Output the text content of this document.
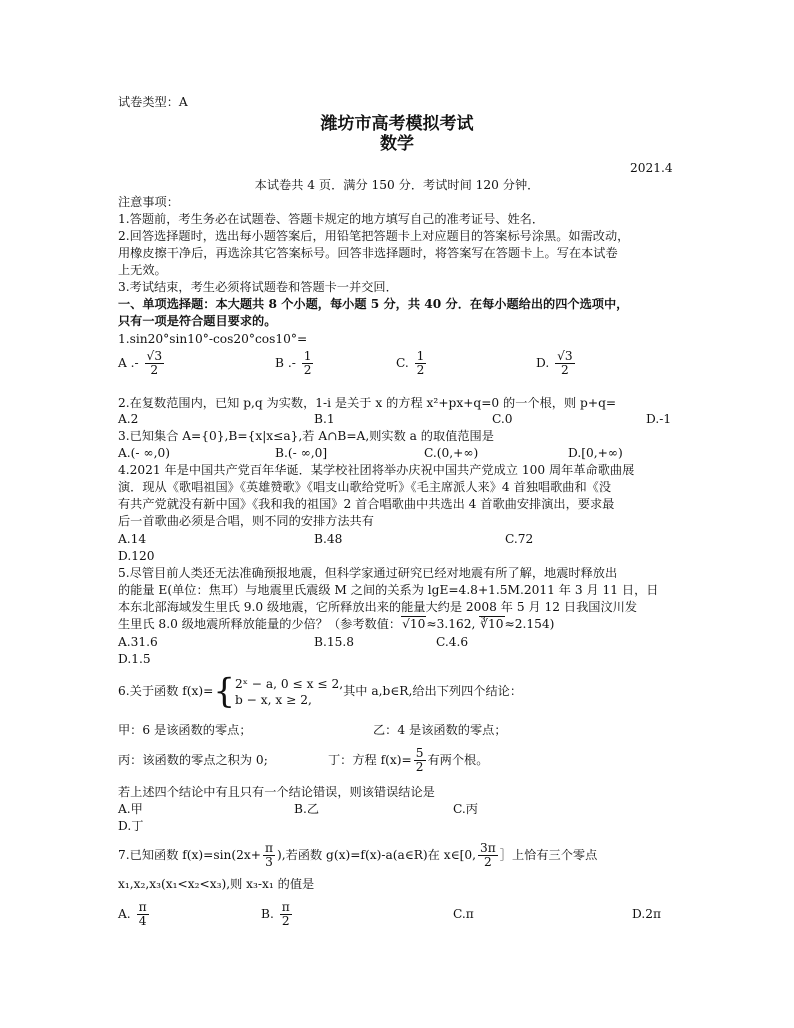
试卷类型：A
潍坊市高考模拟考试
数学
2021.4
本试卷共 4 页．满分 150 分．考试时间 120 分钟．
注意事项：
1.答题前，考生务必在试题卷、答题卡规定的地方填写自己的准考证号、姓名．
2.回答选择题时，选出每小题答案后，用铅笔把答题卡上对应题目的答案标号涂黑。如需改动，
用橡皮擦干净后，再选涂其它答案标号。回答非选择题时，将答案写在答题卡上。写在本试卷
上无效。
3.考试结束，考生必须将试题卷和答题卡一并交回．
一、单项选择题：本大题共 8 个小题，每小题 5 分，共 40 分．在每小题给出的四个选项中，
只有一项是符合题目要求的。
1.sin20°sin10°-cos20°cos10°=
A .- $\frac{√3}{2}$	B .- $\frac{1}{2}$	C. $\frac{1}{2}$	D. $\frac{√3}{2}$
2.在复数范围内，已知 p,q 为实数，1-i 是关于 x 的方程 x²+px+q=0 的一个根，则 p+q=
A.2	B.1	C.0	D.-1
3.已知集合 A={0},B={x|x≤a},若 A∩B=A,则实数 a 的取值范围是
A.(- ∞,0)	B.(- ∞,0]	C.(0,+∞)	D.[0,+∞)
4.2021 年是中国共产党百年华诞．某学校社团将举办庆祝中国共产党成立 100 周年革命歌曲展
演．现从《歌唱祖国》《英雄赞歌》《唱支山歌给党听》《毛主席派人来》4 首独唱歌曲和《没
有共产党就没有新中国》《我和我的祖国》2 首合唱歌曲中共选出 4 首歌曲安排演出，要求最
后一首歌曲必须是合唱，则不同的安排方法共有
A.14	B.48	C.72
D.120
5.尽管目前人类还无法准确预报地震，但科学家通过研究已经对地震有所了解，地震时释放出
的能量 E(单位：焦耳）与地震里氏震级 M 之间的关系为 lgE=4.8+1.5M.2011 年 3 月 11 日，日
本东北部海域发生里氏 9.0 级地震，它所释放出来的能量大约是 2008 年 5 月 12 日我国汶川发
生里氏 8.0 级地震所释放能量的少倍？（参考数值：√10≈3.162, ∛10≈2.154)
A.31.6	B.15.8	C.4.6
D.1.5
6.关于函数 f(x)={ 2ˣ − a, 0 ≤ x ≤ 2,
b − x, x ≥ 2,
其中 a,b∈R,给出下列四个结论：
甲：6 是该函数的零点；	乙：4 是该函数的零点；
丙：该函数的零点之积为 0;	丁：方程 $f(x)= \frac{5}{2}$ 有两个根。
若上述四个结论中有且只有一个结论错误，则该错误结论是
A.甲	B.乙	C.丙
D.丁
7.已知函数 $f(x)=\sin(2x+ \frac{\pi}{3}$ ),若函数 g(x)=f(x)-a(a∈R)在 x∈[0, $\frac{3\pi}{2}$ ］上恰有三个零点
x₁,x₂,x₃(x₁<x₂<x₃),则 x₃-x₁ 的值是
A. $\frac{\pi}{4}$	B. $\frac{\pi}{2}$	C.π	D.2π
